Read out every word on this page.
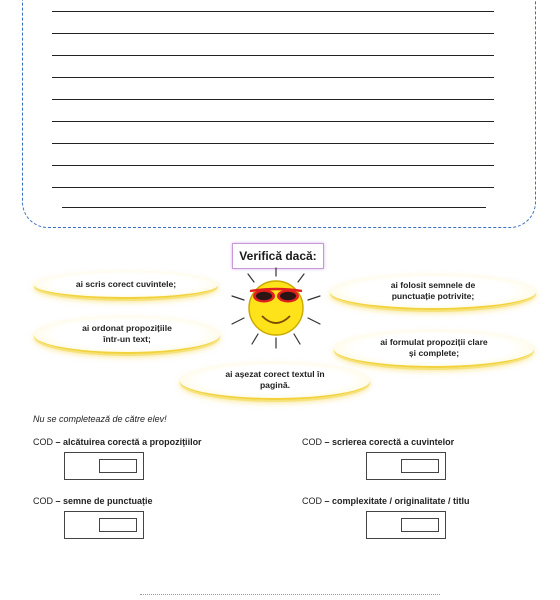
Verifică dacă:
ai scris corect cuvintele;
ai ordonat propozițiile
într-un text;
ai așezat corect textul în
pagină.
ai folosit semnele de
punctuație potrivite;
ai formulat propoziții clare
și complete;
Nu se completează de către elev!
COD – alcătuirea corectă a propozițiilor	COD – scrierea corectă a cuvintelor
COD – semne de punctuație	COD – complexitate / originalitate / titlu
